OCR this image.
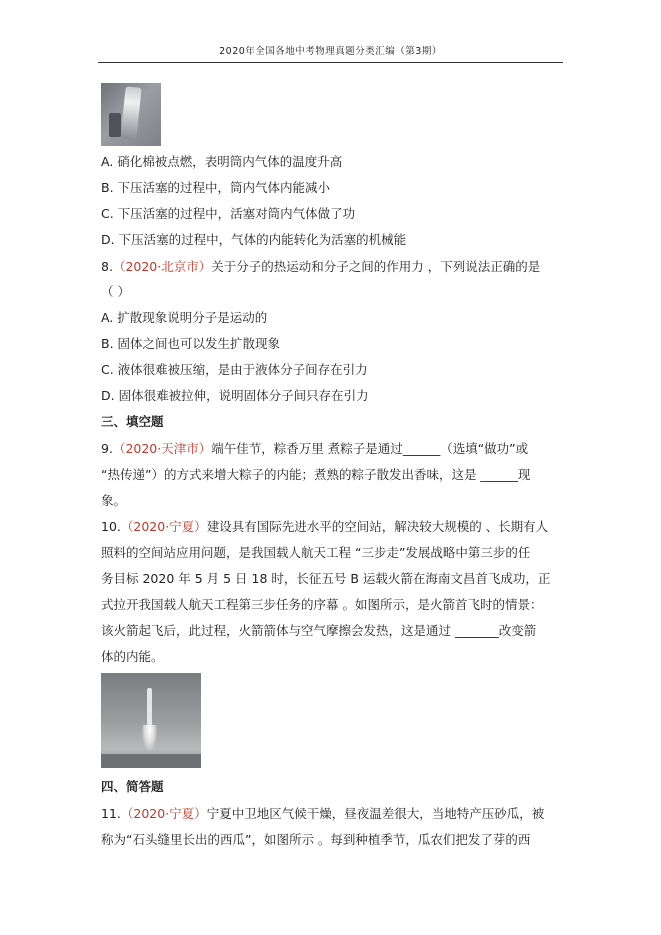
2020年全国各地中考物理真题分类汇编（第3期）
A. 硝化棉被点燃，表明筒内气体的温度升高
B. 下压活塞的过程中，筒内气体内能减小
C. 下压活塞的过程中，活塞对筒内气体做了功
D. 下压活塞的过程中，气体的内能转化为活塞的机械能
8.（2020·北京市）关于分子的热运动和分子之间的作用力 ，下列说法正确的是
（ ）
A. 扩散现象说明分子是运动的
B. 固体之间也可以发生扩散现象
C. 液体很难被压缩，是由于液体分子间存在引力
D. 固体很难被拉伸，说明固体分子间只存在引力
三、填空题
9.（2020·天津市）端午佳节，粽香万里 煮粽子是通过______（选填“做功”或
“热传递”）的方式来增大粽子的内能；煮熟的粽子散发出香味，这是 ______现
象。
10.（2020·宁夏）建设具有国际先进水平的空间站，解决较大规模的 、长期有人
照料的空间站应用问题，是我国载人航天工程 “三步走”发展战略中第三步的任
务目标 2020 年 5 月 5 日 18 时，长征五号 B 运载火箭在海南文昌首飞成功，正
式拉开我国载人航天工程第三步任务的序幕 。如图所示，是火箭首飞时的情景：
该火箭起飞后，此过程，火箭箭体与空气摩擦会发热，这是通过 _______改变箭
体的内能。
四、简答题
11.（2020·宁夏）宁夏中卫地区气候干燥，昼夜温差很大，当地特产压砂瓜，被
称为“石头缝里长出的西瓜”，如图所示 。每到种植季节，瓜农们把发了芽的西
